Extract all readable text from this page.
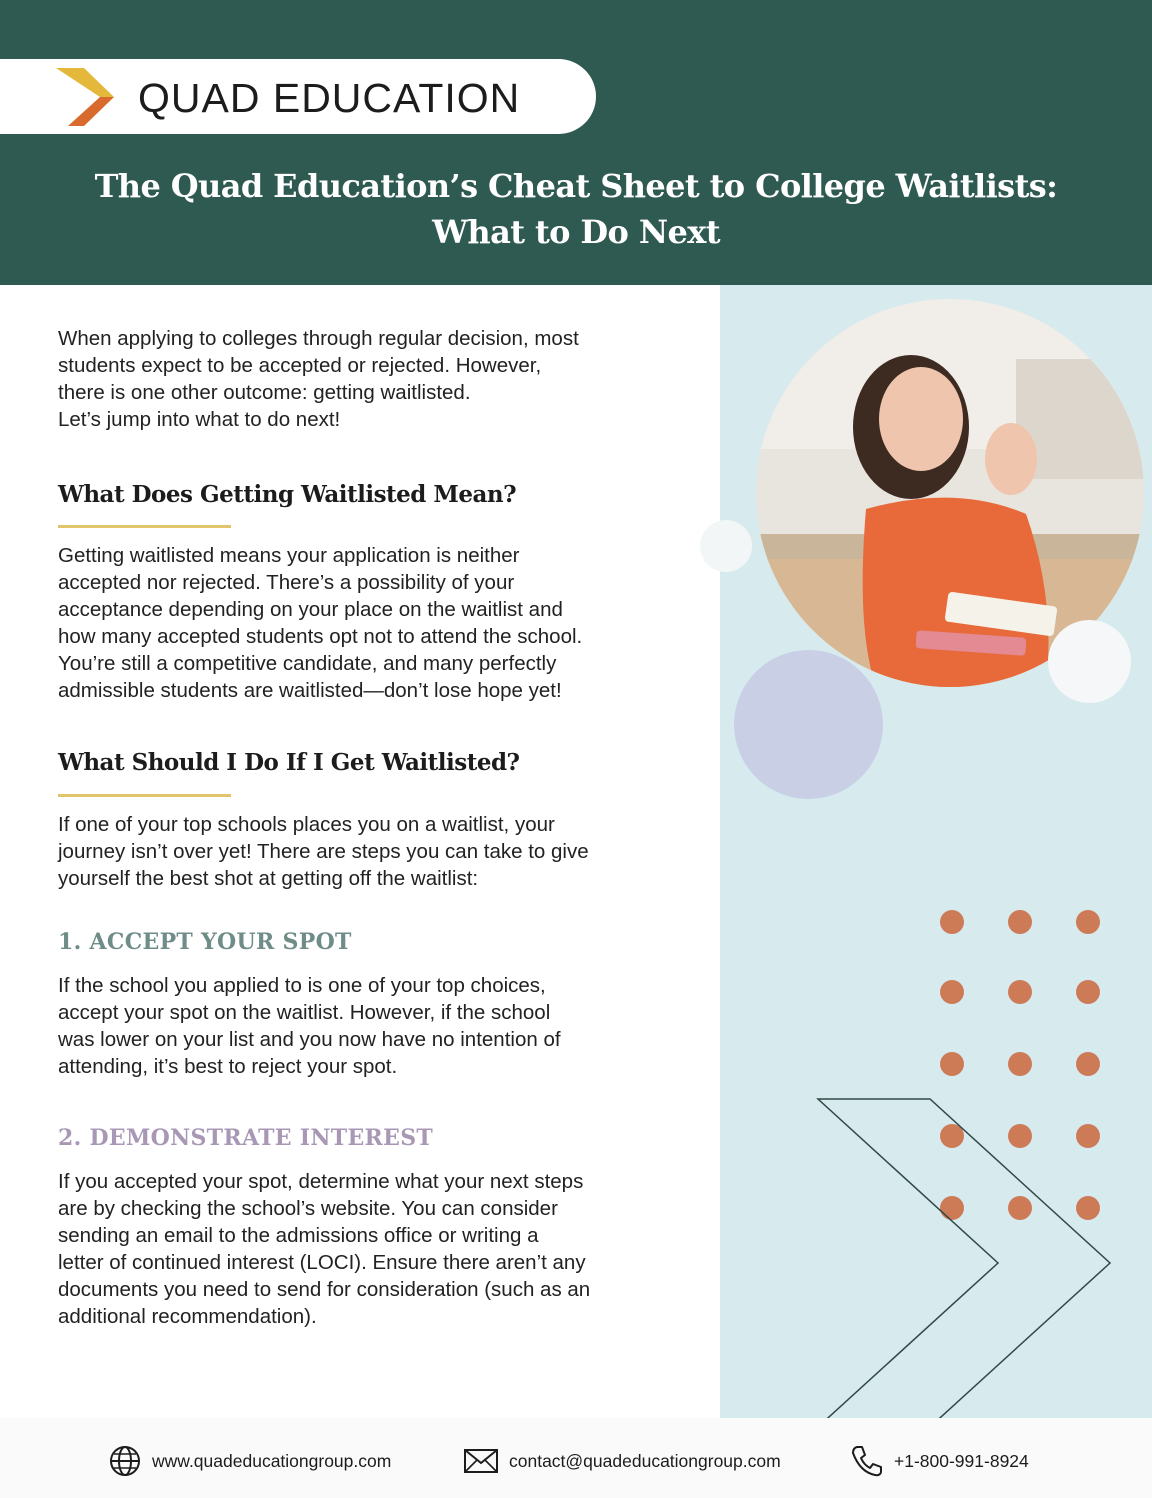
QUAD EDUCATION
The Quad Education’s Cheat Sheet to College Waitlists:
What to Do Next

When applying to colleges through regular decision, most

students expect to be accepted or rejected. However,

there is one other outcome: getting waitlisted.

Let’s jump into what to do next!

What Does Getting Waitlisted Mean?

Getting waitlisted means your application is neither

accepted nor rejected. There’s a possibility of your

acceptance depending on your place on the waitlist and

how many accepted students opt not to attend the school.

You’re still a competitive candidate, and many perfectly

admissible students are waitlisted—don’t lose hope yet!

What Should I Do If I Get Waitlisted?

If one of your top schools places you on a waitlist, your

journey isn’t over yet! There are steps you can take to give

yourself the best shot at getting off the waitlist:

1. ACCEPT YOUR SPOT

If the school you applied to is one of your top choices,

accept your spot on the waitlist. However, if the school

was lower on your list and you now have no intention of

attending, it’s best to reject your spot.

2. DEMONSTRATE INTEREST

If you accepted your spot, determine what your next steps

are by checking the school’s website. You can consider

sending an email to the admissions office or writing a

letter of continued interest (LOCI). Ensure there aren’t any

documents you need to send for consideration (such as an

additional recommendation).

www.quadeducationgroup.com	contact@quadeducationgroup.com	+1-800-991-8924
